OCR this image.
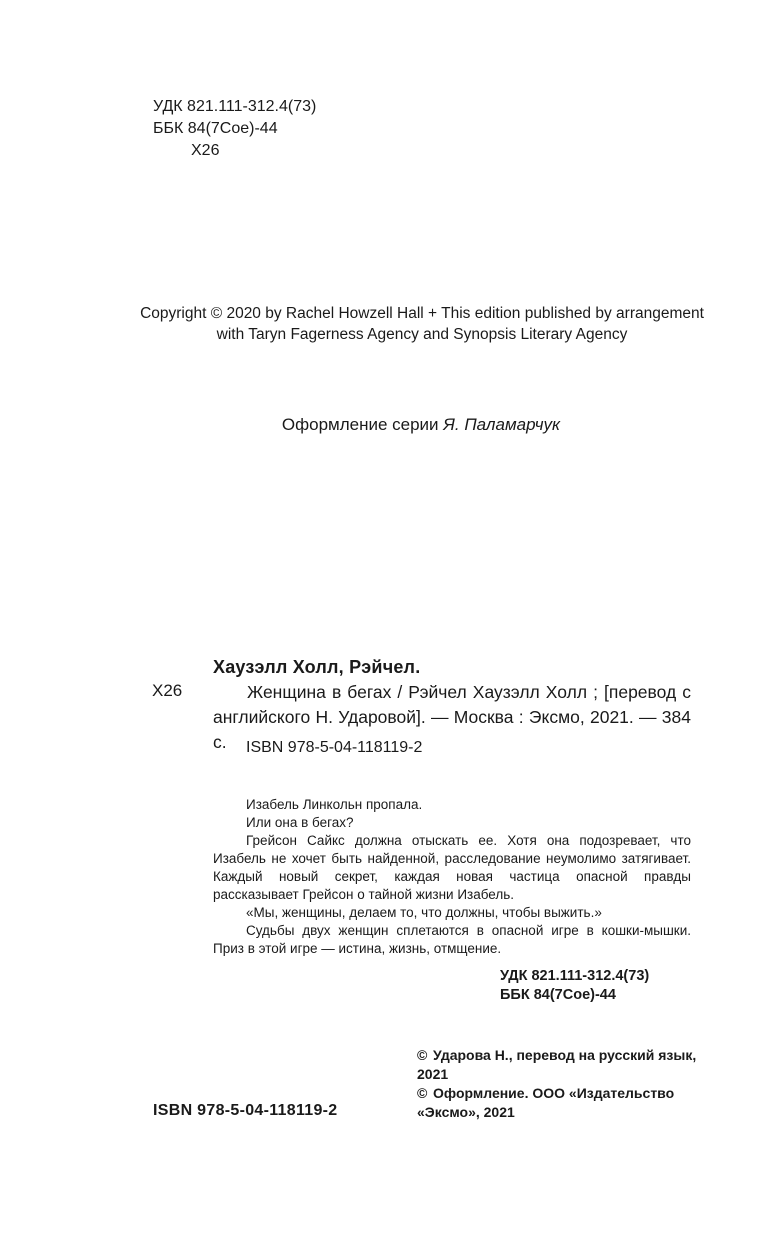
УДК 821.111-312.4(73)
ББК 84(7Сое)-44
Х26
Copyright © 2020 by Rachel Howzell Hall + This edition published by arrangement with Taryn Fagerness Agency and Synopsis Literary Agency
Оформление серии Я. Паламарчук
Хаузэлл Холл, Рэйчел.
Х26	Женщина в бегах / Рэйчел Хаузэлл Холл ; [перевод с английского Н. Ударовой]. — Москва : Эксмо, 2021. — 384 с.	ISBN 978-5-04-118119-2

Изабель Линкольн пропала.

Или она в бегах?

Грейсон Сайкс должна отыскать ее. Хотя она подозревает, что Изабель не хочет быть найденной, расследование неумолимо затягивает. Каждый новый секрет, каждая новая частица опасной правды рассказывает Грейсон о тайной жизни Изабель.

«Мы, женщины, делаем то, что должны, чтобы выжить.»

Судьбы двух женщин сплетаются в опасной игре в кошки-мышки. Приз в этой игре — истина, жизнь, отмщение.

УДК 821.111-312.4(73)
ББК 84(7Сое)-44
ISBN 978-5-04-118119-2

© Ударова Н., перевод на русский язык, 2021

© Оформление. ООО «Издательство «Эксмо», 2021
